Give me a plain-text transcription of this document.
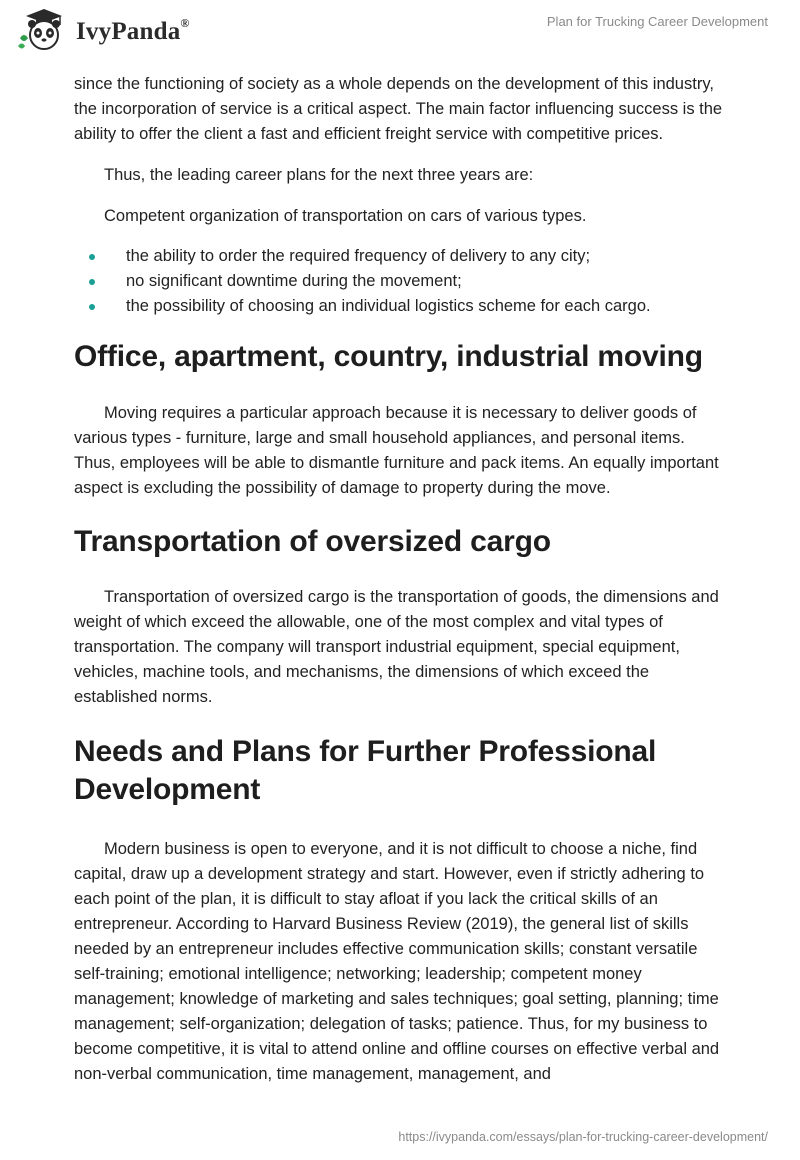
IvyPanda®	Plan for Trucking Career Development

since the functioning of society as a whole depends on the development of this industry, the incorporation of service is a critical aspect. The main factor influencing success is the ability to offer the client a fast and efficient freight service with competitive prices.

Thus, the leading career plans for the next three years are:

Competent organization of transportation on cars of various types.

the ability to order the required frequency of delivery to any city;
no significant downtime during the movement;
the possibility of choosing an individual logistics scheme for each cargo.
Office, apartment, country, industrial moving

Moving requires a particular approach because it is necessary to deliver goods of various types - furniture, large and small household appliances, and personal items. Thus, employees will be able to dismantle furniture and pack items. An equally important aspect is excluding the possibility of damage to property during the move.

Transportation of oversized cargo

Transportation of oversized cargo is the transportation of goods, the dimensions and weight of which exceed the allowable, one of the most complex and vital types of transportation. The company will transport industrial equipment, special equipment, vehicles, machine tools, and mechanisms, the dimensions of which exceed the established norms.

Needs and Plans for Further Professional Development

Modern business is open to everyone, and it is not difficult to choose a niche, find capital, draw up a development strategy and start. However, even if strictly adhering to each point of the plan, it is difficult to stay afloat if you lack the critical skills of an entrepreneur. According to Harvard Business Review (2019), the general list of skills needed by an entrepreneur includes effective communication skills; constant versatile self-training; emotional intelligence; networking; leadership; competent money management; knowledge of marketing and sales techniques; goal setting, planning; time management; self-organization; delegation of tasks; patience. Thus, for my business to become competitive, it is vital to attend online and offline courses on effective verbal and non-verbal communication, time management, management, and

https://ivypanda.com/essays/plan-for-trucking-career-development/
